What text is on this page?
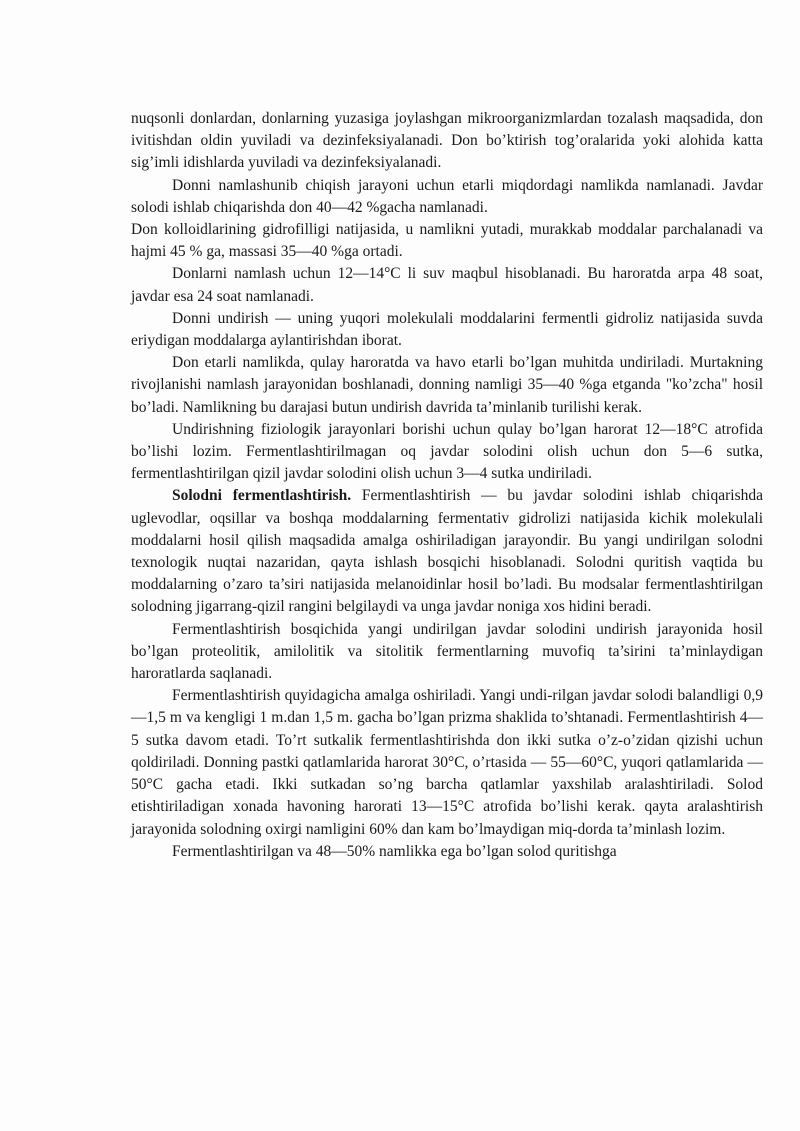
nuqsonli donlardan, donlarning yuzasiga joylashgan mikroorganizmlardan tozalash maqsadida, don ivitishdan oldin yuviladi va dezinfeksiyalanadi. Don bo’ktirish tog’oralarida yoki alohida katta sig’imli idishlarda yuviladi va dezinfeksiyalanadi.

Donni namlashunib chiqish jarayoni uchun etarli miqdordagi namlikda namlanadi. Javdar solodi ishlab chiqarishda don 40—42 %gacha namlanadi.

Don kolloidlarining gidrofilligi natijasida, u namlikni yutadi, murakkab moddalar parchalanadi va hajmi 45 % ga, massasi 35—40 %ga ortadi.

Donlarni namlash uchun 12—14°C li suv maqbul hisoblanadi. Bu haroratda arpa 48 soat, javdar esa 24 soat namlanadi.

Donni undirish — uning yuqori molekulali moddalarini fermentli gidroliz natijasida suvda eriydigan moddalarga aylantirishdan iborat.

Don etarli namlikda, qulay haroratda va havo etarli bo’lgan muhitda undiriladi. Murtakning rivojlanishi namlash jarayonidan boshlanadi, donning namligi 35—40 %ga etganda "ko’zcha" hosil bo’ladi. Namlikning bu darajasi butun undirish davrida ta’minlanib turilishi kerak.

Undirishning fiziologik jarayonlari borishi uchun qulay bo’lgan harorat 12—18°C atrofida bo’lishi lozim. Fermentlashtirilmagan oq javdar solodini olish uchun don 5—6 sutka, fermentlashtirilgan qizil javdar solodini olish uchun 3—4 sutka undiriladi.

Solodni fermentlashtirish. Fermentlashtirish — bu javdar solodini ishlab chiqarishda uglevodlar, oqsillar va boshqa moddalarning fermentativ gidrolizi natijasida kichik molekulali moddalarni hosil qilish maqsadida amalga oshiriladigan jarayondir. Bu yangi undirilgan solodni texnologik nuqtai nazaridan, qayta ishlash bosqichi hisoblanadi. Solodni quritish vaqtida bu moddalarning o’zaro ta’siri natijasida melanoidinlar hosil bo’ladi. Bu modsalar fermentlashtirilgan solodning jigarrang-qizil rangini belgilaydi va unga javdar noniga xos hidini beradi.

Fermentlashtirish bosqichida yangi undirilgan javdar solodini undirish jarayonida hosil bo’lgan proteolitik, amilolitik va sitolitik fermentlarning muvofiq ta’sirini ta’minlaydigan haroratlarda saqlanadi.

Fermentlashtirish quyidagicha amalga oshiriladi. Yangi undi-rilgan javdar solodi balandligi 0,9—1,5 m va kengligi 1 m.dan 1,5 m. gacha bo’lgan prizma shaklida to’shtanadi. Fermentlashtirish 4—5 sutka davom etadi. To’rt sutkalik fermentlashtirishda don ikki sutka o’z-o’zidan qizishi uchun qoldiriladi. Donning pastki qatlamlarida harorat 30°C, o’rtasida — 55—60°C, yuqori qatlamlarida — 50°C gacha etadi. Ikki sutkadan so’ng barcha qatlamlar yaxshilab aralashtiriladi. Solod etishtiriladigan xonada havoning harorati 13—15°C atrofida bo’lishi kerak. qayta aralashtirish jarayonida solodning oxirgi namligini 60% dan kam bo’lmaydigan miq-dorda ta’minlash lozim.

Fermentlashtirilgan va 48—50% namlikka ega bo’lgan solod quritishga
